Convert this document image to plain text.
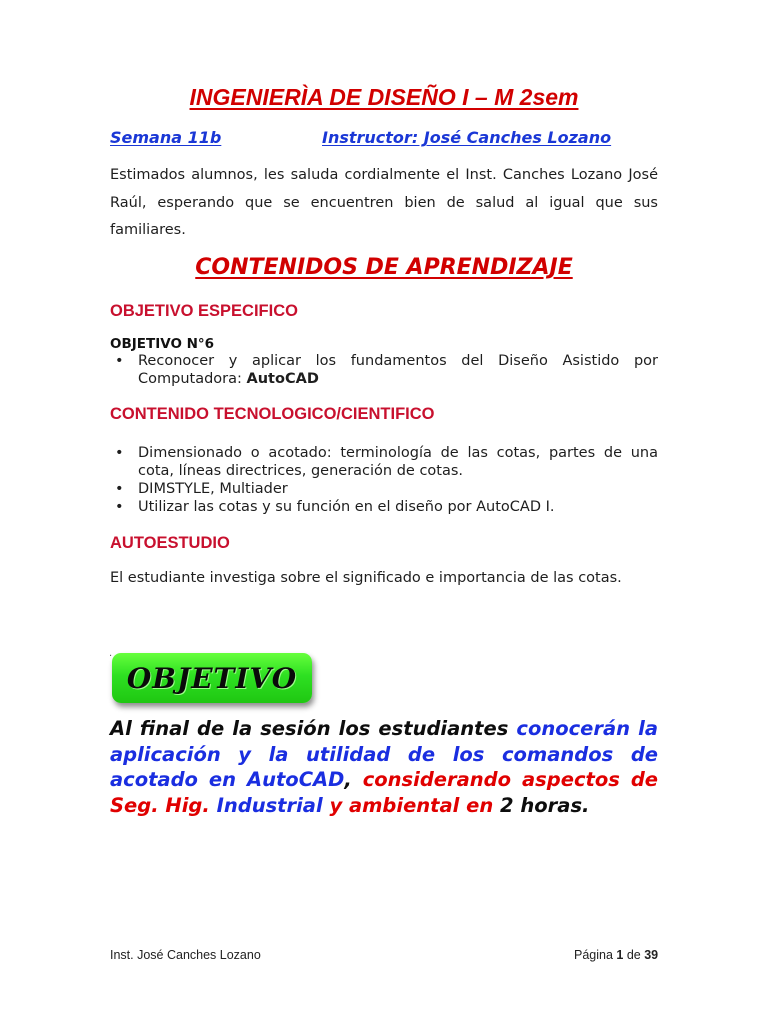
INGENIERÌA DE DISEÑO I – M 2sem
Semana 11b	Instructor: José Canches Lozano

Estimados alumnos, les saluda cordialmente el Inst. Canches Lozano José Raúl, esperando que se encuentren bien de salud al igual que sus familiares.

CONTENIDOS DE APRENDIZAJE
OBJETIVO ESPECIFICO
OBJETIVO N°6
• Reconocer y aplicar los fundamentos del Diseño Asistido por Computadora: AutoCAD
CONTENIDO TECNOLOGICO/CIENTIFICO
• Dimensionado o acotado: terminología de las cotas, partes de una cota, líneas directrices, generación de cotas.
• DIMSTYLE, Multiader
• Utilizar las cotas y su función en el diseño por AutoCAD I.
AUTOESTUDIO
El estudiante investiga sobre el significado e importancia de las cotas.
.
OBJETIVO

Al final de la sesión los estudiantes conocerán la aplicación y la utilidad de los comandos de acotado en AutoCAD, considerando aspectos de Seg. Hig. Industrial y ambiental en 2 horas.

Inst. José Canches Lozano	Página 1 de 39
